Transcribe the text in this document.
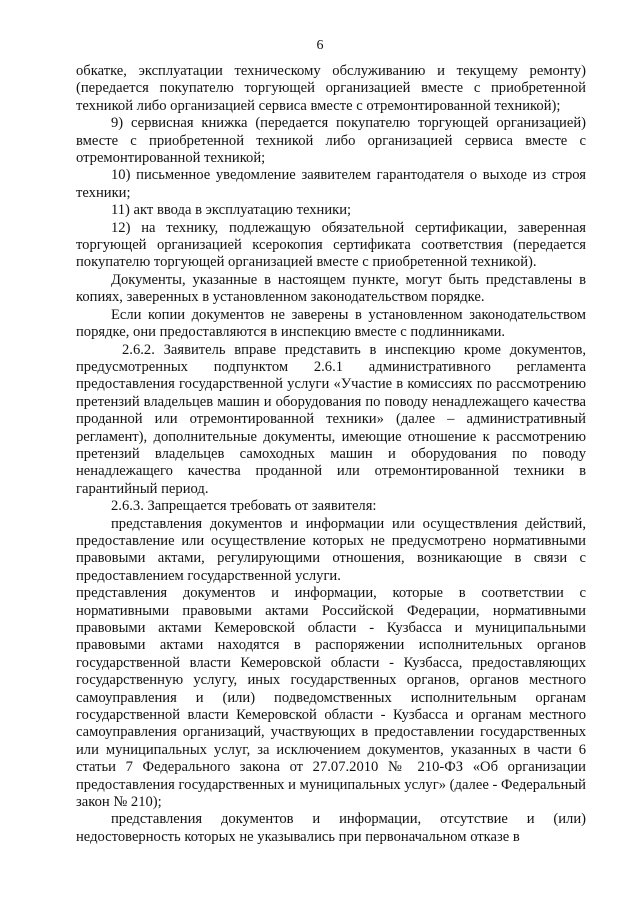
6

обкатке, эксплуатации техническому обслуживанию и текущему ремонту) (передается покупателю торгующей организацией вместе с приобретенной техникой либо организацией сервиса вместе с отремонтированной техникой);

9) сервисная книжка (передается покупателю торгующей организацией) вместе с приобретенной техникой либо организацией сервиса вместе с отремонтированной техникой;

10) письменное уведомление заявителем гарантодателя о выходе из строя техники;

11) акт ввода в эксплуатацию техники;

12) на технику, подлежащую обязательной сертификации, заверенная торгующей организацией ксерокопия сертификата соответствия (передается покупателю торгующей организацией вместе с приобретенной техникой).

Документы, указанные в настоящем пункте, могут быть представлены в копиях, заверенных в установленном законодательством порядке.

Если копии документов не заверены в установленном законодательством порядке, они предоставляются в инспекцию вместе с подлинниками.

2.6.2. Заявитель вправе представить в инспекцию кроме документов, предусмотренных подпунктом 2.6.1 административного регламента предоставления государственной услуги «Участие в комиссиях по рассмотрению претензий владельцев машин и оборудования по поводу ненадлежащего качества проданной или отремонтированной техники» (далее – административный регламент), дополнительные документы, имеющие отношение к рассмотрению претензий владельцев самоходных машин и оборудования по поводу ненадлежащего качества проданной или отремонтированной техники в гарантийный период.

2.6.3. Запрещается требовать от заявителя:

представления документов и информации или осуществления действий, предоставление или осуществление которых не предусмотрено нормативными правовыми актами, регулирующими отношения, возникающие в связи с предоставлением государственной услуги.

представления документов и информации, которые в соответствии с нормативными правовыми актами Российской Федерации, нормативными правовыми актами Кемеровской области - Кузбасса и муниципальными правовыми актами находятся в распоряжении исполнительных органов государственной власти Кемеровской области - Кузбасса, предоставляющих государственную услугу, иных государственных органов, органов местного самоуправления и (или) подведомственных исполнительным органам государственной власти Кемеровской области - Кузбасса и органам местного самоуправления организаций, участвующих в предоставлении государственных или муниципальных услуг, за исключением документов, указанных в части 6 статьи 7 Федерального закона от 27.07.2010 № 210-ФЗ «Об организации предоставления государственных и муниципальных услуг» (далее - Федеральный закон № 210);

представления документов и информации, отсутствие и (или) недостоверность которых не указывались при первоначальном отказе в
